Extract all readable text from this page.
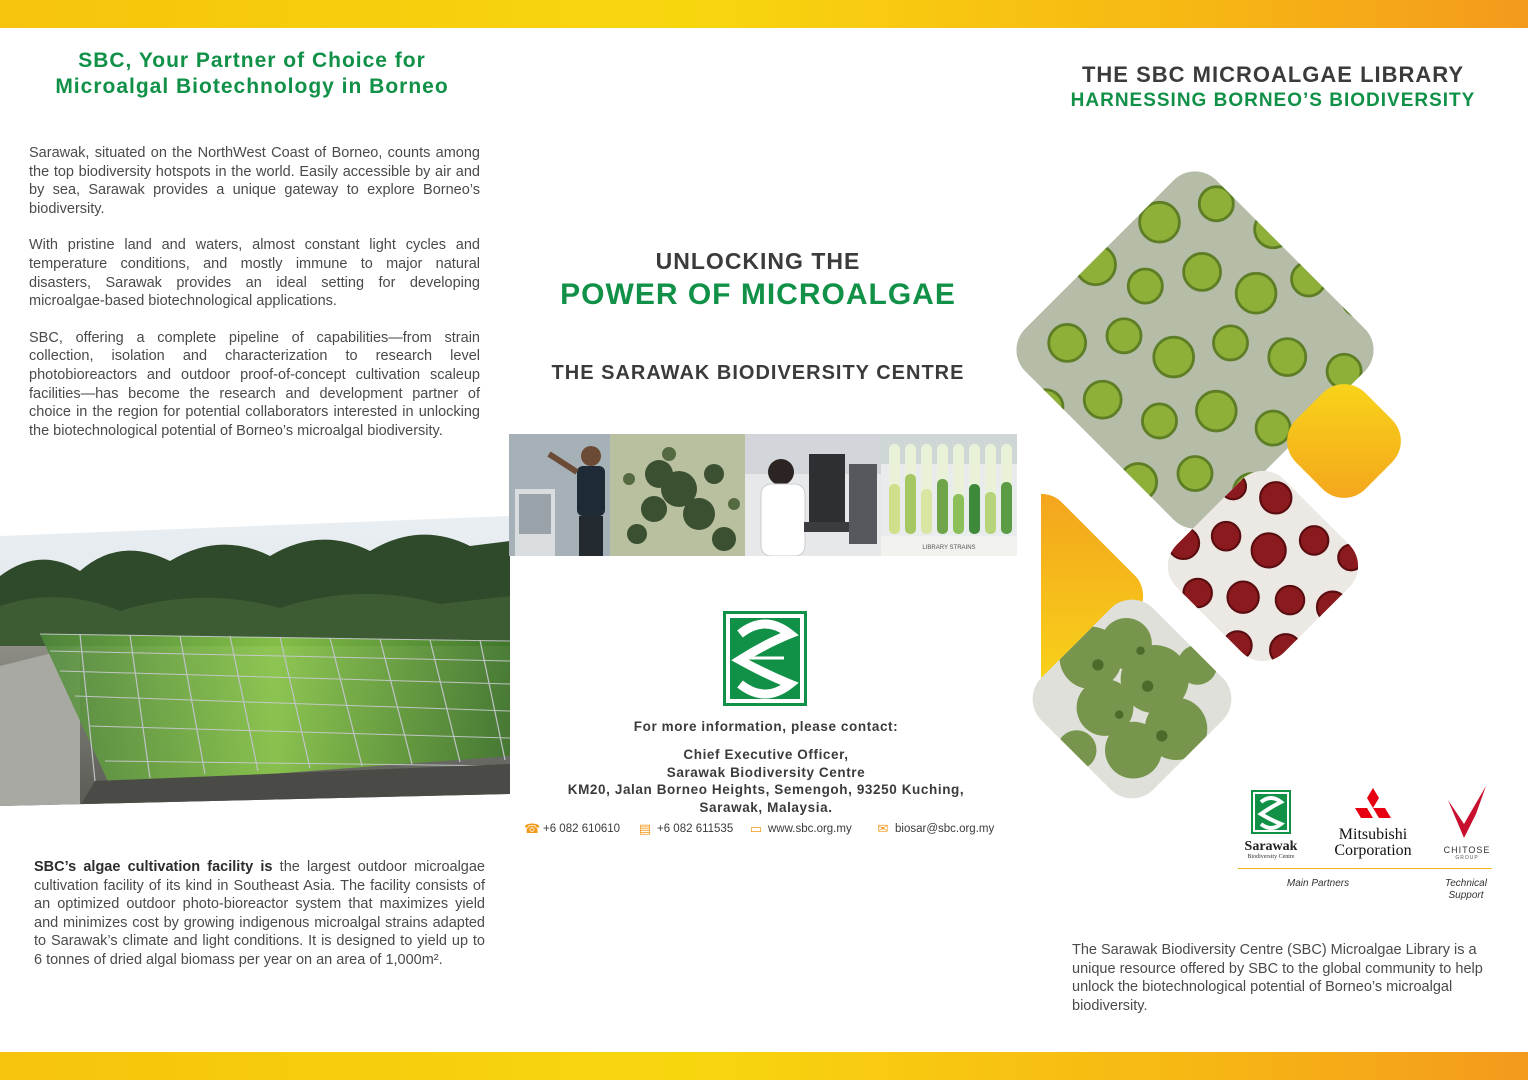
SBC, Your Partner of Choice for
Microalgal Biotechnology in Borneo

Sarawak, situated on the NorthWest Coast of Borneo, counts among the top biodiversity hotspots in the world. Easily accessible by air and by sea, Sarawak provides a unique gateway to explore Borneo’s biodiversity.

With pristine land and waters, almost constant light cycles and temperature conditions, and mostly immune to major natural disasters, Sarawak provides an ideal setting for developing microalgae-based biotechnological applications.

SBC, offering a complete pipeline of capabilities—from strain collection, isolation and characterization to research level photobioreactors and outdoor proof-of-concept cultivation scaleup facilities—has become the research and development partner of choice in the region for potential collaborators interested in unlocking the biotechnological potential of Borneo’s microalgal biodiversity.

SBC’s algae cultivation facility is the largest outdoor microalgae cultivation facility of its kind in Southeast Asia. The facility consists of an optimized outdoor photo-bioreactor system that maximizes yield and minimizes cost by growing indigenous microalgal strains adapted to Sarawak’s climate and light conditions. It is designed to yield up to 6 tonnes of dried algal biomass per year on an area of 1,000m².
UNLOCKING THE
POWER OF MICROALGAE
THE SARAWAK BIODIVERSITY CENTRE
LIBRARY STRAINS
For more information, please contact:
Chief Executive Officer,
Sarawak Biodiversity Centre
KM20, Jalan Borneo Heights, Semengoh, 93250 Kuching,
Sarawak, Malaysia.
☎ +6 082 610610 ▤ +6 082 611535 ▭ www.sbc.org.my ✉ biosar@sbc.org.my
THE SBC MICROALGAE LIBRARY
HARNESSING BORNEO’S BIODIVERSITY
Sarawak
Biodiversity Centre
Mitsubishi
Corporation	CHITOSE
GROUP
Main Partners	Technical
Support
The Sarawak Biodiversity Centre (SBC) Microalgae Library is a unique resource offered by SBC to the global community to help unlock the biotechnological potential of Borneo’s microalgal biodiversity.
